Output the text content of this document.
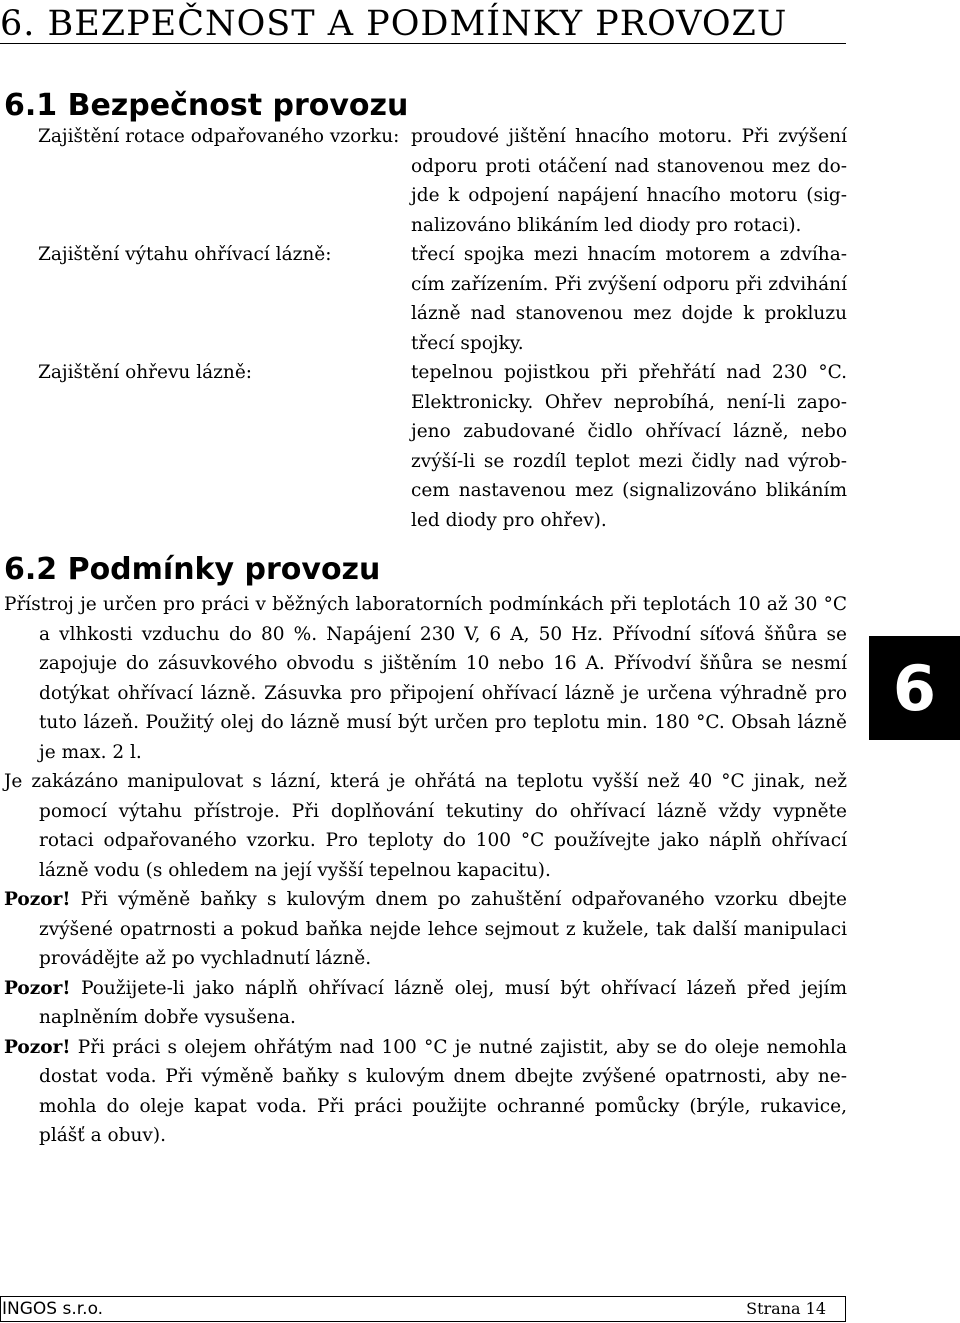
6. BEZPEČNOST A PODMÍNKY PROVOZU
6.1 Bezpečnost provozu
Zajištění rotace odpařovaného vzorku: proudové jištění hnacího motoru. Při zvýšení odporu proti otáčení nad stanovenou mez dojde k odpojení napájení hnacího motoru (signalizováno blikáním led diody pro rotaci).
Zajištění výtahu ohřívací lázně:	třecí spojka mezi hnacím motorem a zdvíhacím zařízením. Při zvýšení odporu při zdvihání lázně nad stanovenou mez dojde k prokluzu třecí spojky.
Zajištění ohřevu lázně:	tepelnou pojistkou při přehřátí nad 230 °C. Elektronicky. Ohřev neprobíhá, není-li zapojeno zabudované čidlo ohřívací lázně, nebo zvýší-li se rozdíl teplot mezi čidly nad výrobcem nastavenou mez (signalizováno blikáním led diody pro ohřev).
6.2 Podmínky provozu

Přístroj je určen pro práci v běžných laboratorních podmínkách při teplotách 10 až 30 °C a vlhkosti vzduchu do 80 %. Napájení 230 V, 6 A, 50 Hz. Přívodní síťová šňůra se zapojuje do zásuvkového obvodu s jištěním 10 nebo 16 A. Přívodví šňůra se nesmí dotýkat ohřívací lázně. Zásuvka pro připojení ohřívací lázně je určena výhradně pro tuto lázeň. Použitý olej do lázně musí být určen pro teplotu min. 180 °C. Obsah lázně je max. 2 l.

Je zakázáno manipulovat s lázní, která je ohřátá na teplotu vyšší než 40 °C jinak, než pomocí výtahu přístroje. Při doplňování tekutiny do ohřívací lázně vždy vypněte rotaci odpařovaného vzorku. Pro teploty do 100 °C používejte jako náplň ohřívací lázně vodu (s ohledem na její vyšší tepelnou kapacitu).

Pozor! Při výměně baňky s kulovým dnem po zahuštění odpařovaného vzorku dbejte zvýšené opatrnosti a pokud baňka nejde lehce sejmout z kužele, tak další manipulaci provádějte až po vychladnutí lázně.

Pozor! Použijete-li jako náplň ohřívací lázně olej, musí být ohřívací lázeň před jejím naplněním dobře vysušena.

Pozor! Při práci s olejem ohřátým nad 100 °C je nutné zajistit, aby se do oleje nemohla dostat voda. Při výměně baňky s kulovým dnem dbejte zvýšené opatrnosti, aby nemohla do oleje kapat voda. Při práci použijte ochranné pomůcky (brýle, rukavice, plášť a obuv).

6
INGOS s.r.o.	Strana 14
